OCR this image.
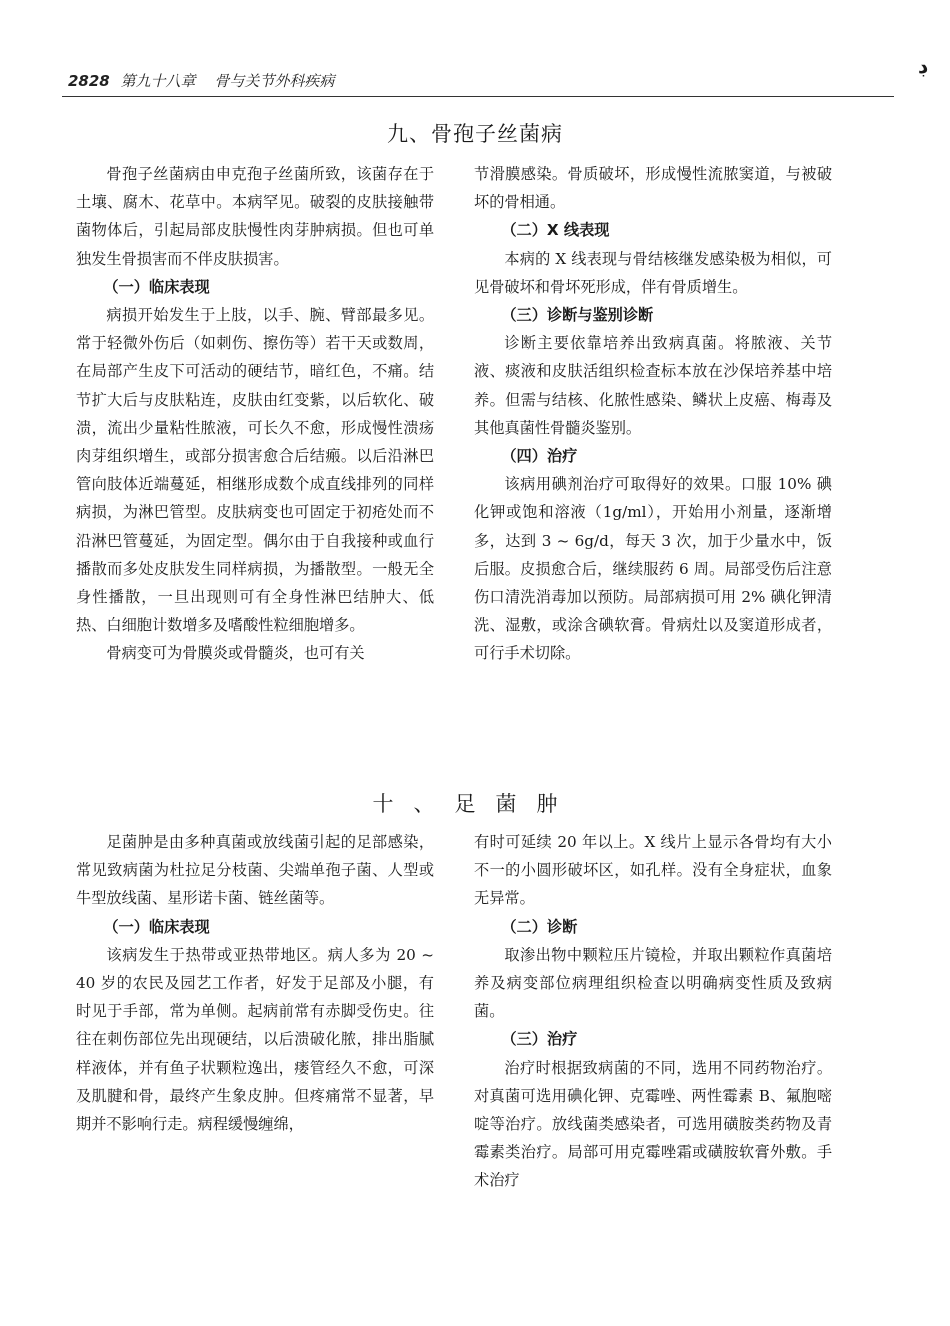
2828 第九十八章 骨与关节外科疾病
ڊ
九、骨孢子丝菌病

骨孢子丝菌病由申克孢子丝菌所致，该菌存在于土壤、腐木、花草中。本病罕见。破裂的皮肤接触带菌物体后，引起局部皮肤慢性肉芽肿病损。但也可单独发生骨损害而不伴皮肤损害。

（一）临床表现

病损开始发生于上肢，以手、腕、臂部最多见。常于轻微外伤后（如刺伤、擦伤等）若干天或数周，在局部产生皮下可活动的硬结节，暗红色，不痛。结节扩大后与皮肤粘连，皮肤由红变紫，以后软化、破溃，流出少量粘性脓液，可长久不愈，形成慢性溃疡肉芽组织增生，或部分损害愈合后结瘢。以后沿淋巴管向肢体近端蔓延，相继形成数个成直线排列的同样病损，为淋巴管型。皮肤病变也可固定于初疮处而不沿淋巴管蔓延，为固定型。偶尔由于自我接种或血行播散而多处皮肤发生同样病损，为播散型。一般无全身性播散，一旦出现则可有全身性淋巴结肿大、低热、白细胞计数增多及嗜酸性粒细胞增多。

骨病变可为骨膜炎或骨髓炎，也可有关

节滑膜感染。骨质破坏，形成慢性流脓窦道，与被破坏的骨相通。

（二）X 线表现

本病的 X 线表现与骨结核继发感染极为相似，可见骨破坏和骨坏死形成，伴有骨质增生。

（三）诊断与鉴别诊断

诊断主要依靠培养出致病真菌。将脓液、关节液、痰液和皮肤活组织检查标本放在沙保培养基中培养。但需与结核、化脓性感染、鳞状上皮癌、梅毒及其他真菌性骨髓炎鉴别。

（四）治疗

该病用碘剂治疗可取得好的效果。口服 10% 碘化钾或饱和溶液（1g/ml），开始用小剂量，逐渐增多，达到 3 ~ 6g/d，每天 3 次，加于少量水中，饭后服。皮损愈合后，继续服药 6 周。局部受伤后注意伤口清洗消毒加以预防。局部病损可用 2% 碘化钾清洗、湿敷，或涂含碘软膏。骨病灶以及窦道形成者，可行手术切除。

十、足菌肿

足菌肿是由多种真菌或放线菌引起的足部感染，常见致病菌为杜拉足分枝菌、尖端单孢子菌、人型或牛型放线菌、星形诺卡菌、链丝菌等。

（一）临床表现

该病发生于热带或亚热带地区。病人多为 20 ~ 40 岁的农民及园艺工作者，好发于足部及小腿，有时见于手部，常为单侧。起病前常有赤脚受伤史。往往在刺伤部位先出现硬结，以后溃破化脓，排出脂腻样液体，并有鱼子状颗粒逸出，瘘管经久不愈，可深及肌腱和骨，最终产生象皮肿。但疼痛常不显著，早期并不影响行走。病程缓慢缠绵，

有时可延续 20 年以上。X 线片上显示各骨均有大小不一的小圆形破坏区，如孔样。没有全身症状，血象无异常。

（二）诊断

取渗出物中颗粒压片镜检，并取出颗粒作真菌培养及病变部位病理组织检查以明确病变性质及致病菌。

（三）治疗

治疗时根据致病菌的不同，选用不同药物治疗。对真菌可选用碘化钾、克霉唑、两性霉素 B、氟胞嘧啶等治疗。放线菌类感染者，可选用磺胺类药物及青霉素类治疗。局部可用克霉唑霜或磺胺软膏外敷。手术治疗
